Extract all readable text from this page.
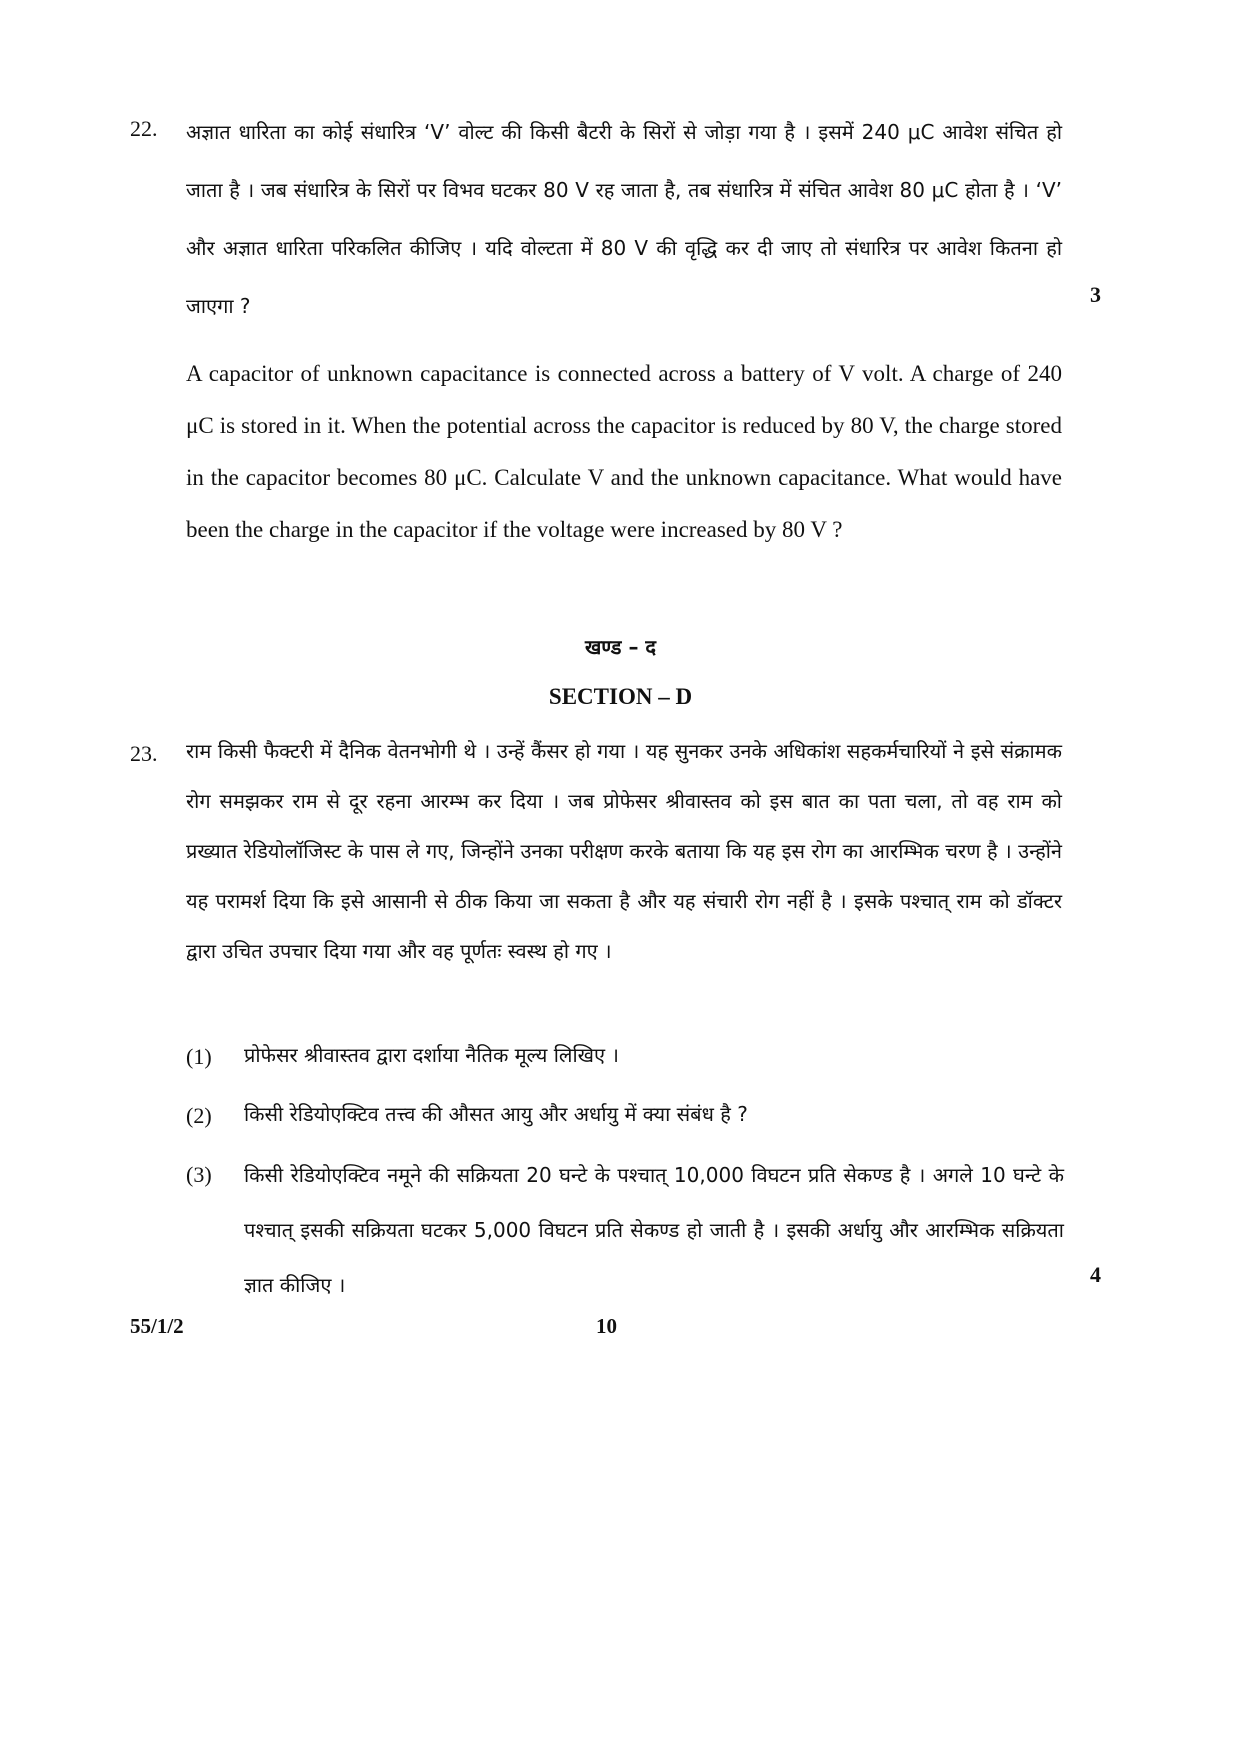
22. अज्ञात धारिता का कोई संधारित्र ‘V’ वोल्ट की किसी बैटरी के सिरों से जोड़ा गया है । इसमें 240 μC आवेश संचित हो जाता है । जब संधारित्र के सिरों पर विभव घटकर 80 V रह जाता है, तब संधारित्र में संचित आवेश 80 μC होता है । ‘V’ और अज्ञात धारिता परिकलित कीजिए । यदि वोल्टता में 80 V की वृद्धि कर दी जाए तो संधारित्र पर आवेश कितना हो जाएगा ?	3
A capacitor of unknown capacitance is connected across a battery of V volt. A charge of 240 μC is stored in it. When the potential across the capacitor is reduced by 80 V, the charge stored in the capacitor becomes 80 μC. Calculate V and the unknown capacitance. What would have been the charge in the capacitor if the voltage were increased by 80 V ?
खण्ड – द
SECTION – D
23. राम किसी फैक्टरी में दैनिक वेतनभोगी थे । उन्हें कैंसर हो गया । यह सुनकर उनके अधिकांश सहकर्मचारियों ने इसे संक्रामक रोग समझकर राम से दूर रहना आरम्भ कर दिया । जब प्रोफेसर श्रीवास्तव को इस बात का पता चला, तो वह राम को प्रख्यात रेडियोलॉजिस्ट के पास ले गए, जिन्होंने उनका परीक्षण करके बताया कि यह इस रोग का आरम्भिक चरण है । उन्होंने यह परामर्श दिया कि इसे आसानी से ठीक किया जा सकता है और यह संचारी रोग नहीं है । इसके पश्चात् राम को डॉक्टर द्वारा उचित उपचार दिया गया और वह पूर्णतः स्वस्थ हो गए ।
(1) प्रोफेसर श्रीवास्तव द्वारा दर्शाया नैतिक मूल्य लिखिए ।
(2) किसी रेडियोएक्टिव तत्त्व की औसत आयु और अर्धायु में क्या संबंध है ?
(3) किसी रेडियोएक्टिव नमूने की सक्रियता 20 घन्टे के पश्चात् 10,000 विघटन प्रति सेकण्ड है । अगले 10 घन्टे के पश्चात् इसकी सक्रियता घटकर 5,000 विघटन प्रति सेकण्ड हो जाती है । इसकी अर्धायु और आरम्भिक सक्रियता ज्ञात कीजिए ।	4
55/1/2	10
